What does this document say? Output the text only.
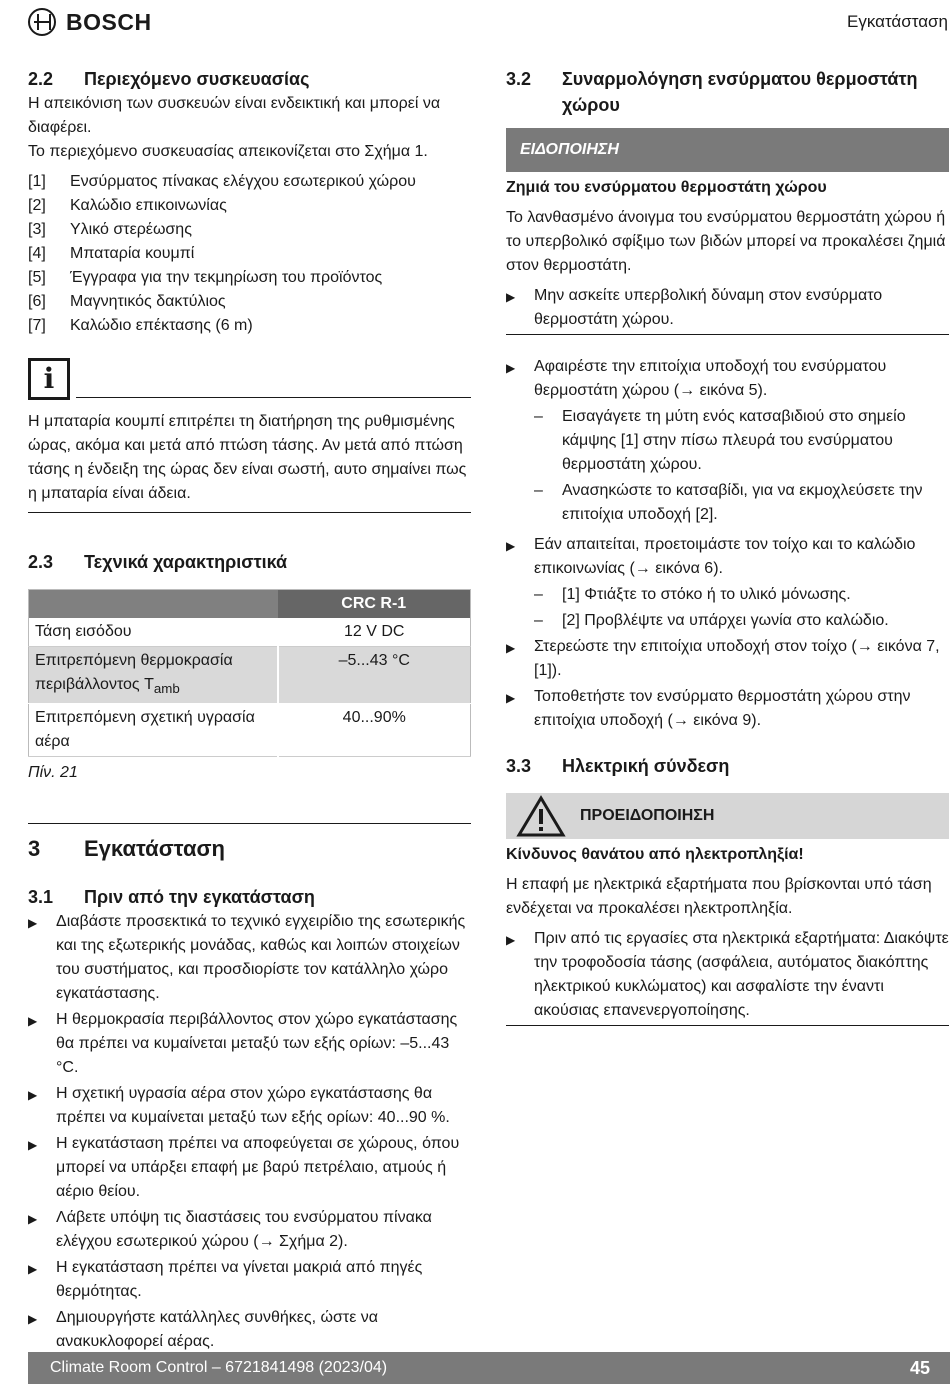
BOSCH	Εγκατάσταση
2.2	Περιεχόμενο συσκευασίας

Η απεικόνιση των συσκευών είναι ενδεικτική και μπορεί να διαφέρει.

Το περιεχόμενο συσκευασίας απεικονίζεται στο Σχήμα 1.

[1]	Ενσύρματος πίνακας ελέγχου εσωτερικού χώρου
[2]	Καλώδιο επικοινωνίας
[3]	Υλικό στερέωσης
[4]	Μπαταρία κουμπί
[5]	Έγγραφα για την τεκμηρίωση του προϊόντος
[6]	Μαγνητικός δακτύλιος
[7]	Καλώδιο επέκτασης (6 m)
i

Η μπαταρία κουμπί επιτρέπει τη διατήρηση της ρυθμισμένης ώρας, ακόμα και μετά από πτώση τάσης. Αν μετά από πτώση τάσης η ένδειξη της ώρας δεν είναι σωστή, αυτο σημαίνει πως η μπαταρία είναι άδεια.

2.3	Τεχνικά χαρακτηριστικά
	CRC R-1
Τάση εισόδου	12 V DC
Επιτρεπόμενη θερμοκρασία περιβάλλοντος $T_{amb}$	–5...43 °C
Επιτρεπόμενη σχετική υγρασία αέρα	40...90%

Πίν. 21

3	Εγκατάσταση
3.1	Πριν από την εγκατάσταση
▶	Διαβάστε προσεκτικά το τεχνικό εγχειρίδιο της εσωτερικής και της εξωτερικής μονάδας, καθώς και λοιπών στοιχείων του συστήματος, και προσδιορίστε τον κατάλληλο χώρο εγκατάστασης.
▶	Η θερμοκρασία περιβάλλοντος στον χώρο εγκατάστασης θα πρέπει να κυμαίνεται μεταξύ των εξής ορίων: –5...43 °C.
▶	Η σχετική υγρασία αέρα στον χώρο εγκατάστασης θα πρέπει να κυμαίνεται μεταξύ των εξής ορίων: 40...90 %.
▶	Η εγκατάσταση πρέπει να αποφεύγεται σε χώρους, όπου μπορεί να υπάρξει επαφή με βαρύ πετρέλαιο, ατμούς ή αέριο θείου.
▶	Λάβετε υπόψη τις διαστάσεις του ενσύρματου πίνακα ελέγχου εσωτερικού χώρου (→ Σχήμα 2).
▶	Η εγκατάσταση πρέπει να γίνεται μακριά από πηγές θερμότητας.
▶	Δημιουργήστε κατάλληλες συνθήκες, ώστε να ανακυκλοφορεί αέρας.
3.2	Συναρμολόγηση ενσύρματου θερμοστάτη χώρου
ΕΙΔΟΠΟΙΗΣΗ

Ζημιά του ενσύρματου θερμοστάτη χώρου

Το λανθασμένο άνοιγμα του ενσύρματου θερμοστάτη χώρου ή το υπερβολικό σφίξιμο των βιδών μπορεί να προκαλέσει ζημιά στον θερμοστάτη.

▶	Μην ασκείτε υπερβολική δύναμη στον ενσύρματο θερμοστάτη χώρου.
▶	Αφαιρέστε την επιτοίχια υποδοχή του ενσύρματου θερμοστάτη χώρου (→ εικόνα 5).
–	Εισαγάγετε τη μύτη ενός κατσαβιδιού στο σημείο κάμψης [1] στην πίσω πλευρά του ενσύρματου θερμοστάτη χώρου.
–	Ανασηκώστε το κατσαβίδι, για να εκμοχλεύσετε την επιτοίχια υποδοχή [2].
▶	Εάν απαιτείται, προετοιμάστε τον τοίχο και το καλώδιο επικοινωνίας (→ εικόνα 6).
–	[1] Φτιάξτε το στόκο ή το υλικό μόνωσης.
–	[2] Προβλέψτε να υπάρχει γωνία στο καλώδιο.
▶	Στερεώστε την επιτοίχια υποδοχή στον τοίχο (→ εικόνα 7, [1]).
▶	Τοποθετήστε τον ενσύρματο θερμοστάτη χώρου στην επιτοίχια υποδοχή (→ εικόνα 9).
3.3	Ηλεκτρική σύνδεση
ΠΡΟΕΙΔΟΠΟΙΗΣΗ

Κίνδυνος θανάτου από ηλεκτροπληξία!

Η επαφή με ηλεκτρικά εξαρτήματα που βρίσκονται υπό τάση ενδέχεται να προκαλέσει ηλεκτροπληξία.

▶	Πριν από τις εργασίες στα ηλεκτρικά εξαρτήματα: Διακόψτε την τροφοδοσία τάσης (ασφάλεια, αυτόματος διακόπτης ηλεκτρικού κυκλώματος) και ασφαλίστε την έναντι ακούσιας επανενεργοποίησης.
Climate Room Control – 6721841498 (2023/04)	45
